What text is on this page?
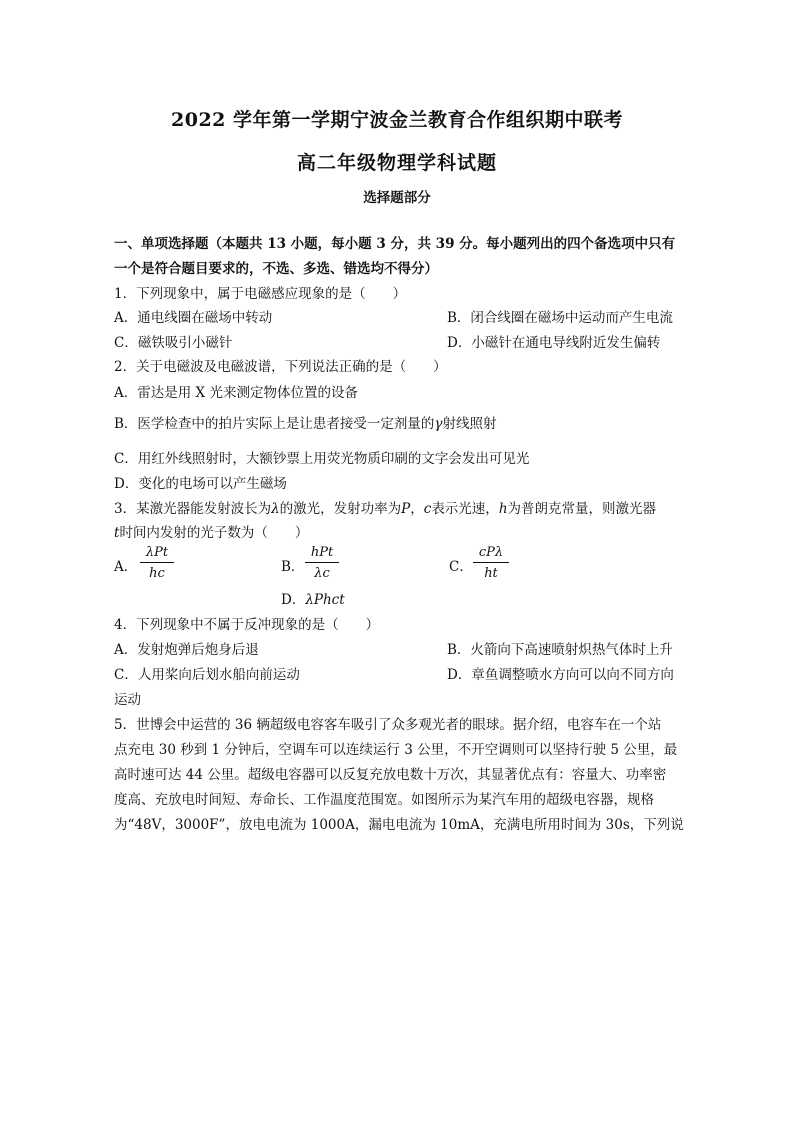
2022 学年第一学期宁波金兰教育合作组织期中联考
高二年级物理学科试题
选择题部分
一、单项选择题（本题共 13 小题，每小题 3 分，共 39 分。每小题列出的四个备选项中只有
一个是符合题目要求的，不选、多选、错选均不得分）
1．下列现象中，属于电磁感应现象的是（　　）
A．通电线圈在磁场中转动	B．闭合线圈在磁场中运动而产生电流
C．磁铁吸引小磁针	D．小磁针在通电导线附近发生偏转
2．关于电磁波及电磁波谱，下列说法正确的是（　　）
A．雷达是用 X 光来测定物体位置的设备
B．医学检查中的拍片实际上是让患者接受一定剂量的γ射线照射
C．用红外线照射时，大额钞票上用荧光物质印刷的文字会发出可见光
D．变化的电场可以产生磁场
3．某激光器能发射波长为λ的激光，发射功率为P，c表示光速，h为普朗克常量，则激光器
t时间内发射的光子数为（　　）
A．
λPt
hc	B．
hPt
λc	C．
cPλ
ht
D．λPhct
4．下列现象中不属于反冲现象的是（　　）
A．发射炮弹后炮身后退	B．火箭向下高速喷射炽热气体时上升
C．人用桨向后划水船向前运动	D．章鱼调整喷水方向可以向不同方向
运动
5．世博会中运营的 36 辆超级电容客车吸引了众多观光者的眼球。据介绍，电容车在一个站
点充电 30 秒到 1 分钟后，空调车可以连续运行 3 公里，不开空调则可以坚持行驶 5 公里，最
高时速可达 44 公里。超级电容器可以反复充放电数十万次，其显著优点有：容量大、功率密
度高、充放电时间短、寿命长、工作温度范围宽。如图所示为某汽车用的超级电容器，规格
为“48V，3000F”，放电电流为 1000A，漏电电流为 10mA，充满电所用时间为 30s，下列说
